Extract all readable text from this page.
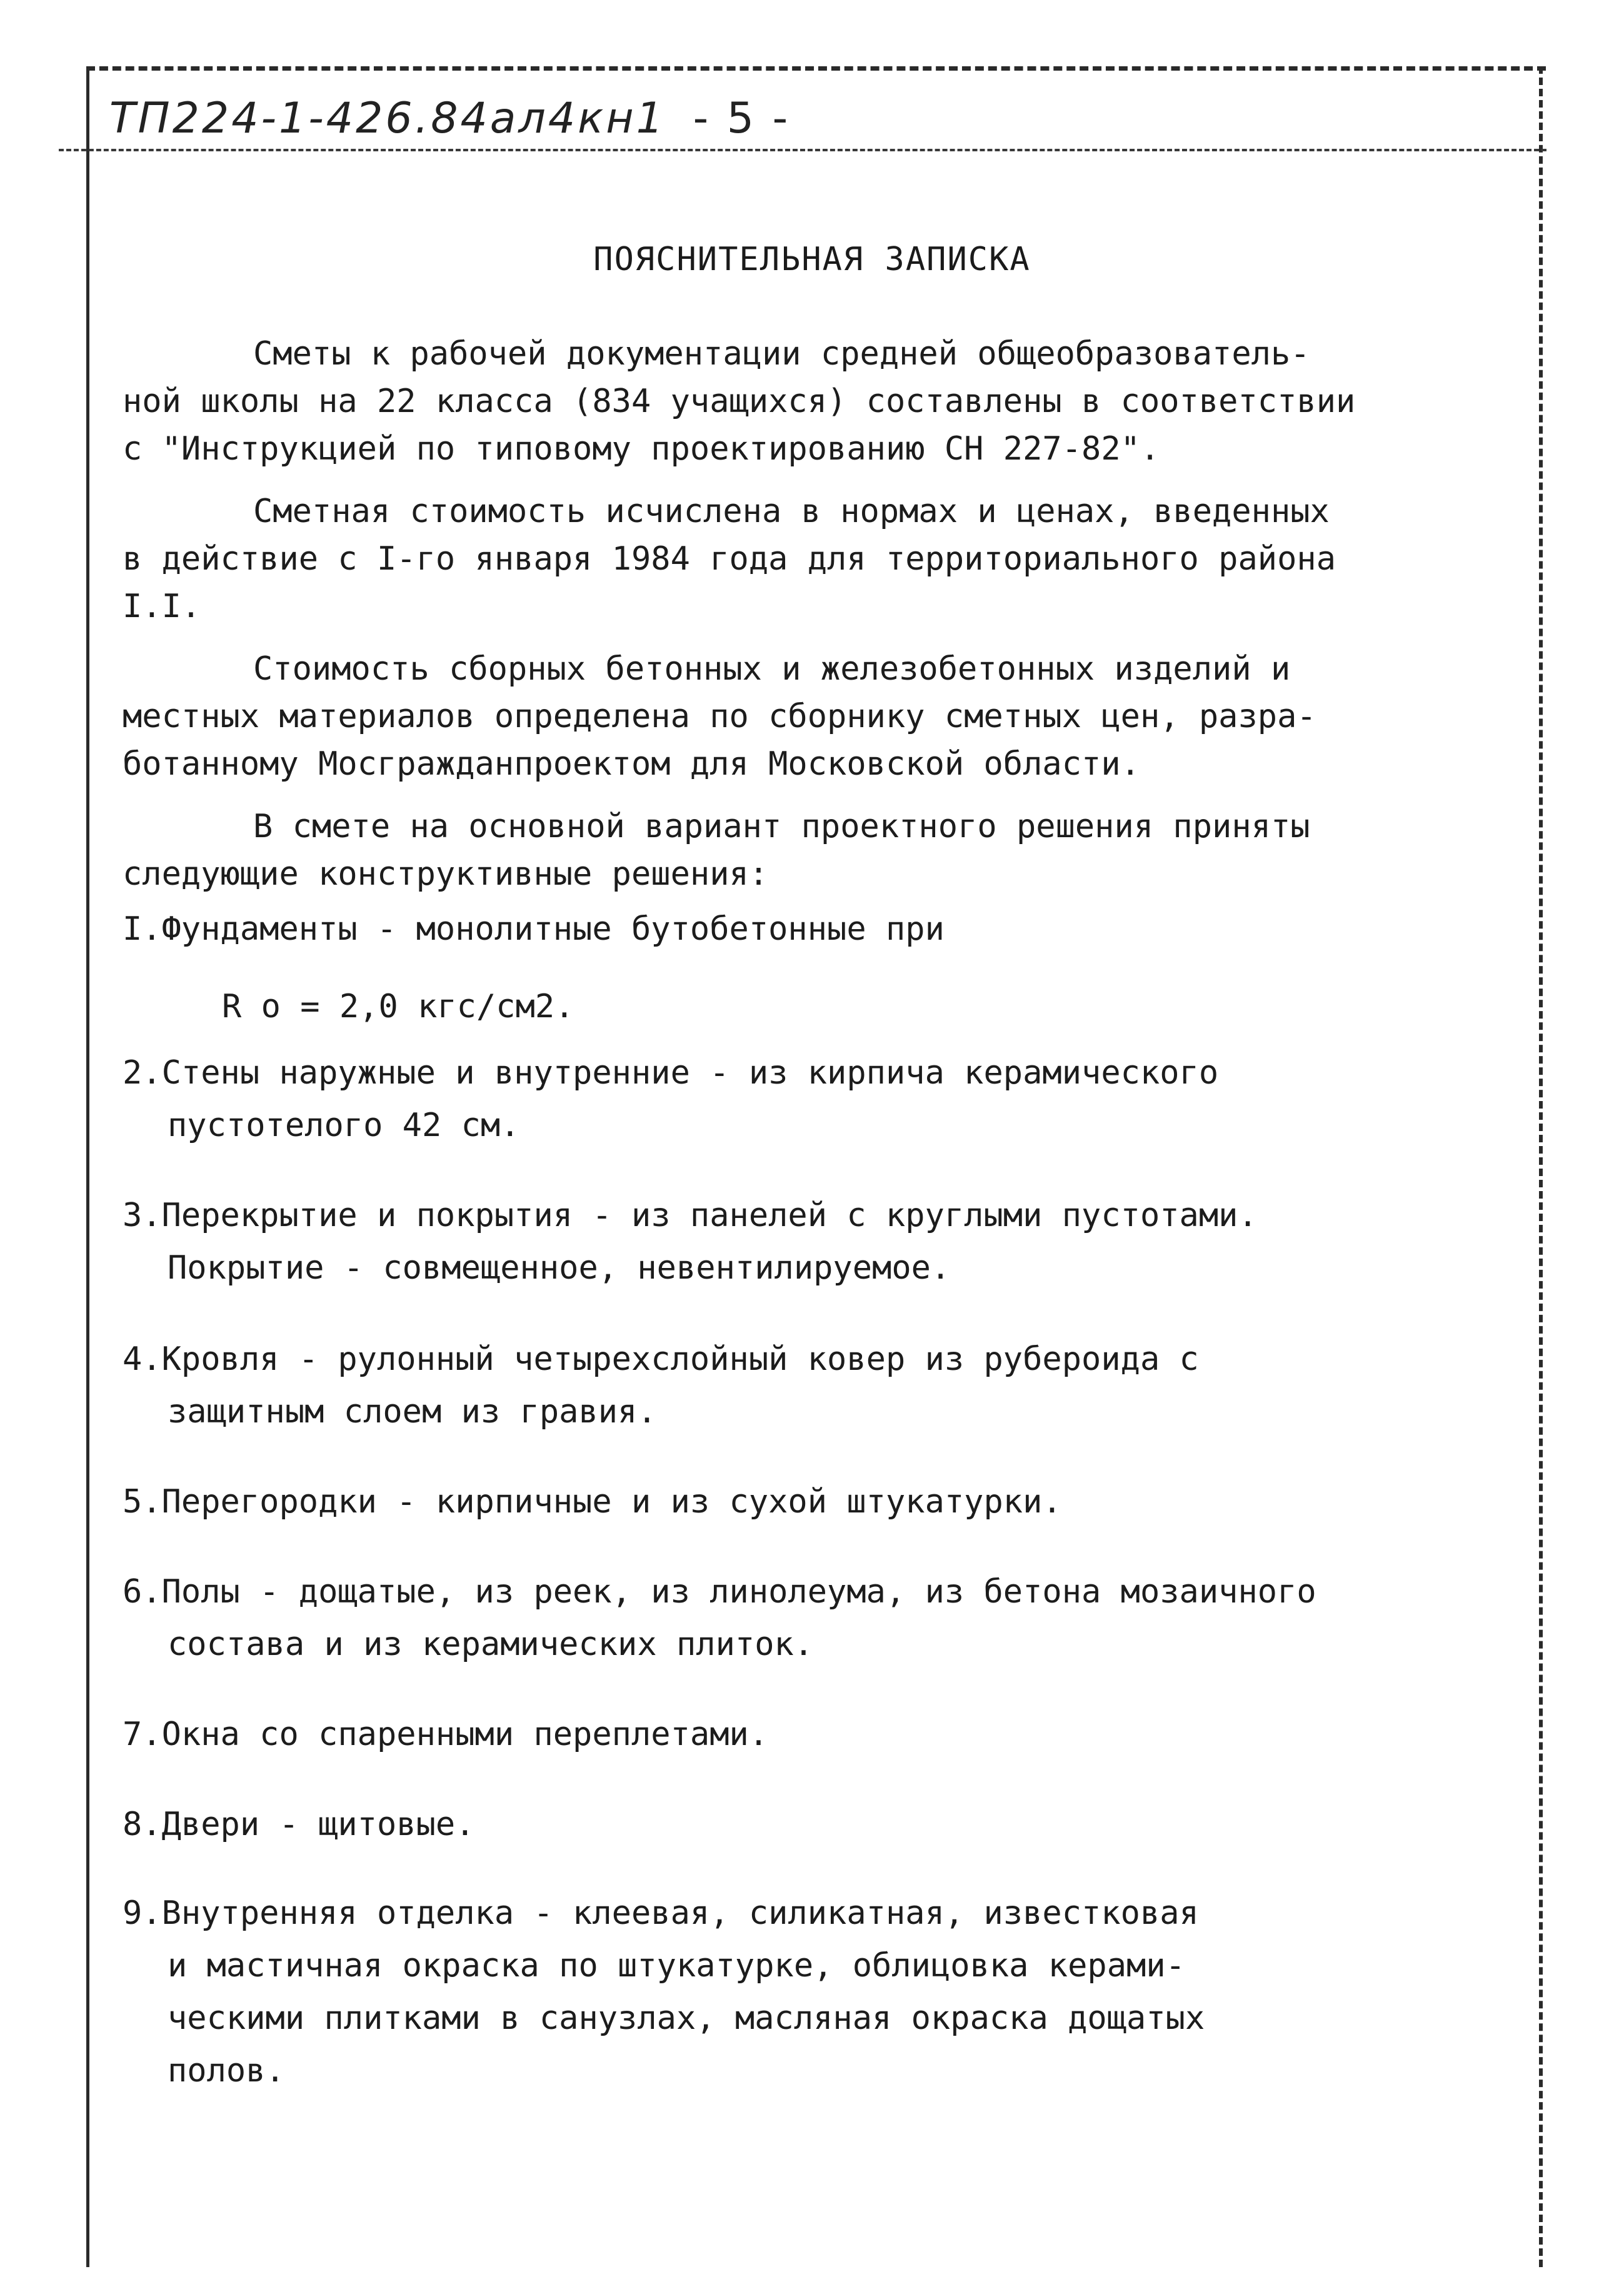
ТП224-1-426.84ал4кн1 - 5 -
ПОЯСНИТЕЛЬНАЯ ЗАПИСКА
Сметы к рабочей документации средней общеобразователь-
ной школы на 22 класса (834 учащихся) составлены в соответствии
с "Инструкцией по типовому проектированию СН 227-82".
Сметная стоимость исчислена в нормах и ценах, введенных
в действие с I-го января 1984 года для территориального района
I.I.
Стоимость сборных бетонных и железобетонных изделий и
местных материалов определена по сборнику сметных цен, разра-
ботанному Мосгражданпроектом для Московской области.
В смете на основной вариант проектного решения приняты
следующие конструктивные решения:
I.Фундаменты - монолитные бутобетонные при
R о = 2,0 кгс/см2.
2.Стены наружные и внутренние - из кирпича керамического
пустотелого 42 см.
3.Перекрытие и покрытия - из панелей с круглыми пустотами.
Покрытие - совмещенное, невентилируемое.
4.Кровля - рулонный четырехслойный ковер из рубероида с
защитным слоем из гравия.
5.Перегородки - кирпичные и из сухой штукатурки.
6.Полы - дощатые, из реек, из линолеума, из бетона мозаичного
состава и из керамических плиток.
7.Окна со спаренными переплетами.
8.Двери - щитовые.
9.Внутренняя отделка - клеевая, силикатная, известковая
и мастичная окраска по штукатурке, облицовка керами-
ческими плитками в санузлах, масляная окраска дощатых
полов.
